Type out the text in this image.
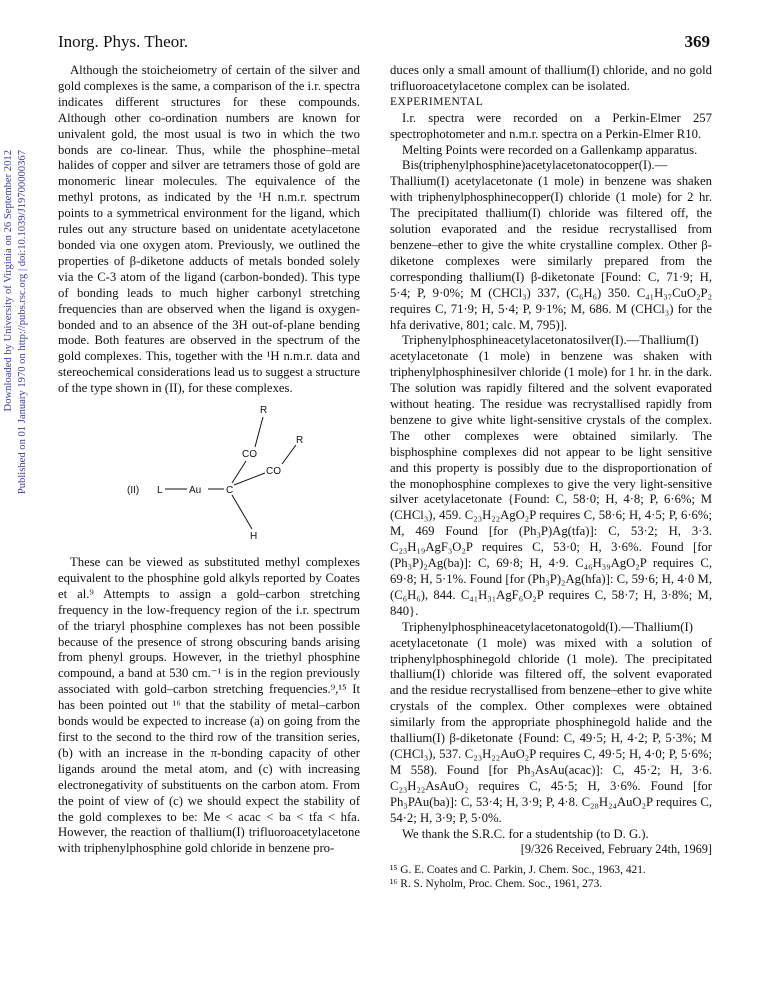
Downloaded by University of Virginia on 26 September 2012 Published on 01 January 1970 on http://pubs.rsc.org | doi:10.1039/J19700000367
Inorg. Phys. Theor.	369

Although the stoicheiometry of certain of the silver and gold complexes is the same, a comparison of the i.r. spectra indicates different structures for these compounds. Although other co-ordination numbers are known for univalent gold, the most usual is two in which the two bonds are co-linear. Thus, while the phosphine–metal halides of copper and silver are tetramers those of gold are monomeric linear molecules. The equivalence of the methyl protons, as indicated by the ¹H n.m.r. spectrum points to a symmetrical environment for the ligand, which rules out any structure based on unidentate acetylacetone bonded via one oxygen atom. Previously, we outlined the properties of β-diketone adducts of metals bonded solely via the C-3 atom of the ligand (carbon-bonded). This type of bonding leads to much higher carbonyl stretching frequencies than are observed when the ligand is oxygen-bonded and to an absence of the 3H out-of-plane bending mode. Both features are observed in the spectrum of the gold complexes. This, together with the ¹H n.m.r. data and stereochemical considerations lead us to suggest a structure of the type shown in (II), for these complexes.

(II) L	Au C
CO
CO
R
R
H

These can be viewed as substituted methyl complexes equivalent to the phosphine gold alkyls reported by Coates et al.⁹ Attempts to assign a gold–carbon stretching frequency in the low-frequency region of the i.r. spectrum of the triaryl phosphine complexes has not been possible because of the presence of strong obscuring bands arising from phenyl groups. However, in the triethyl phosphine compound, a band at 530 cm.⁻¹ is in the region previously associated with gold–carbon stretching frequencies.⁹,¹⁵ It has been pointed out ¹⁶ that the stability of metal–carbon bonds would be expected to increase (a) on going from the first to the second to the third row of the transition series, (b) with an increase in the π-bonding capacity of other ligands around the metal atom, and (c) with increasing electronegativity of substituents on the carbon atom. From the point of view of (c) we should expect the stability of the gold complexes to be: Me < acac < ba < tfa < hfa. However, the reaction of thallium(I) trifluoroacetylacetone with triphenylphosphine gold chloride in benzene pro-

duces only a small amount of thallium(I) chloride, and no gold trifluoroacetylacetone complex can be isolated.

EXPERIMENTAL

I.r. spectra were recorded on a Perkin-Elmer 257 spectrophotometer and n.m.r. spectra on a Perkin-Elmer R10.

Melting Points were recorded on a Gallenkamp apparatus.

Bis(triphenylphosphine)acetylacetonatocopper(I).—Thallium(I) acetylacetonate (1 mole) in benzene was shaken with triphenylphosphinecopper(I) chloride (1 mole) for 2 hr. The precipitated thallium(I) chloride was filtered off, the solution evaporated and the residue recrystallised from benzene–ether to give the white crystalline complex. Other β-diketone complexes were similarly prepared from the corresponding thallium(I) β-diketonate [Found: C, 71·9; H, 5·4; P, 9·0%; M (CHCl₃) 337, (C₆H₆) 350. C₄₁H₃₇CuO₂P₂ requires C, 71·9; H, 5·4; P, 9·1%; M, 686. M (CHCl₃) for the hfa derivative, 801; calc. M, 795)].

Triphenylphosphineacetylacetonatosilver(I).—Thallium(I) acetylacetonate (1 mole) in benzene was shaken with triphenylphosphinesilver chloride (1 mole) for 1 hr. in the dark. The solution was rapidly filtered and the solvent evaporated without heating. The residue was recrystallised rapidly from benzene to give white light-sensitive crystals of the complex. The other complexes were obtained similarly. The bisphosphine complexes did not appear to be light sensitive and this property is possibly due to the disproportionation of the monophosphine complexes to give the very light-sensitive silver acetylacetonate {Found: C, 58·0; H, 4·8; P, 6·6%; M (CHCl₃), 459. C₂₃H₂₂AgO₂P requires C, 58·6; H, 4·5; P, 6·6%; M, 469 Found [for (Ph₃P)Ag(tfa)]: C, 53·2; H, 3·3. C₂₃H₁₉AgF₃O₂P requires C, 53·0; H, 3·6%. Found [for (Ph₃P)₂Ag(ba)]: C, 69·8; H, 4·9. C₄₆H₃₉AgO₂P requires C, 69·8; H, 5·1%. Found [for (Ph₃P)₂Ag(hfa)]: C, 59·6; H, 4·0 M, (C₆H₆), 844. C₄₁H₃₁AgF₆O₂P requires C, 58·7; H, 3·8%; M, 840}.

Triphenylphosphineacetylacetonatogold(I).—Thallium(I) acetylacetonate (1 mole) was mixed with a solution of triphenylphosphinegold chloride (1 mole). The precipitated thallium(I) chloride was filtered off, the solvent evaporated and the residue recrystallised from benzene–ether to give white crystals of the complex. Other complexes were obtained similarly from the appropriate phosphinegold halide and the thallium(I) β-diketonate {Found: C, 49·5; H, 4·2; P, 5·3%; M (CHCl₃), 537. C₂₃H₂₂AuO₂P requires C, 49·5; H, 4·0; P, 5·6%; M 558). Found [for Ph₃AsAu(acac)]: C, 45·2; H, 3·6. C₂₃H₂₂AsAuO₂ requires C, 45·5; H, 3·6%. Found [for Ph₃PAu(ba)]: C, 53·4; H, 3·9; P, 4·8. C₂₈H₂₄AuO₂P requires C, 54·2; H, 3·9; P, 5·0%.

We thank the S.R.C. for a studentship (to D. G.).

[9/326 Received, February 24th, 1969]

¹⁵ G. E. Coates and C. Parkin, J. Chem. Soc., 1963, 421.
¹⁶ R. S. Nyholm, Proc. Chem. Soc., 1961, 273.
